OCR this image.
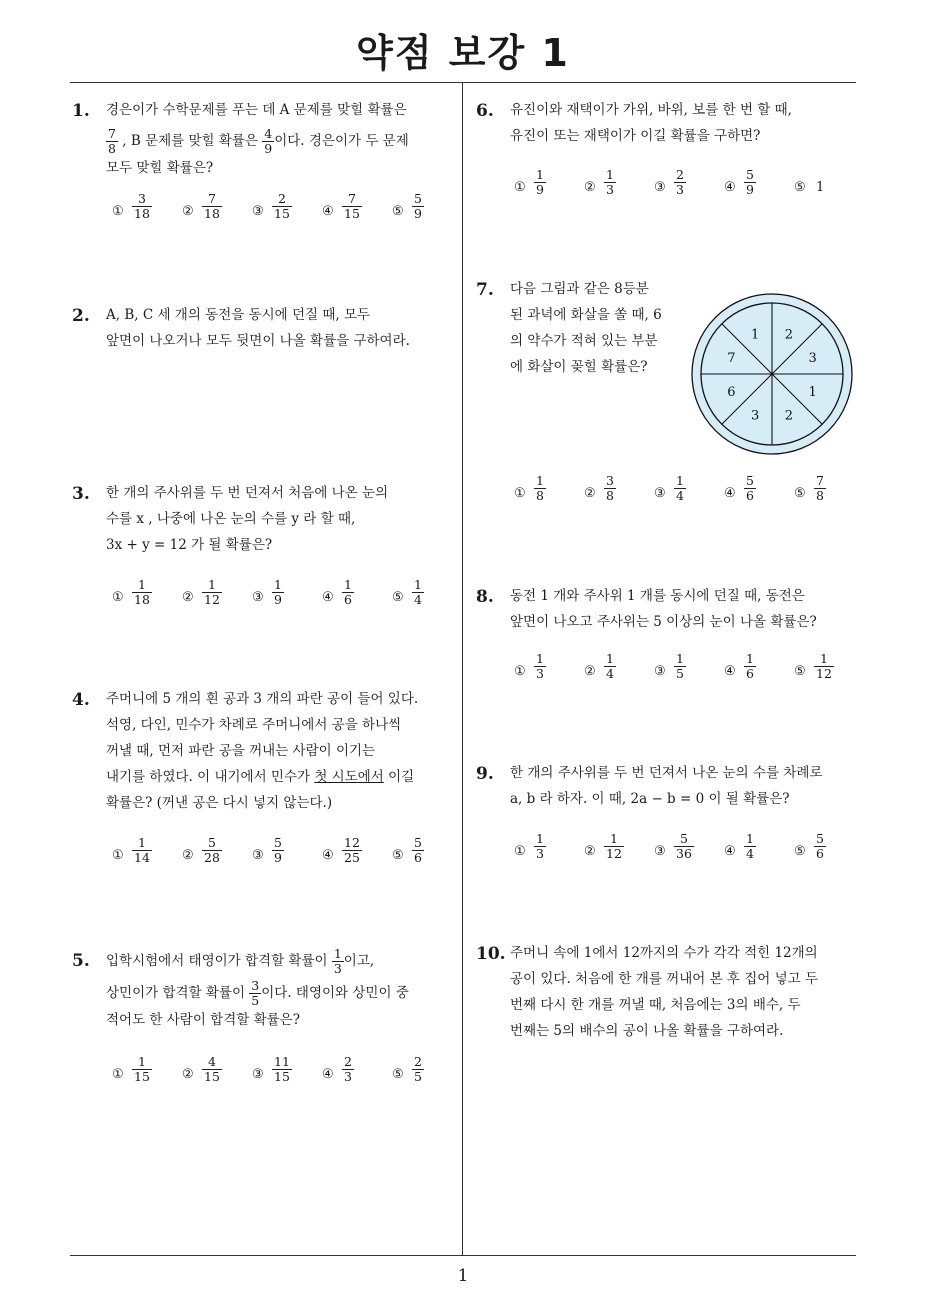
약점 보강 1
1
1. 경은이가 수학문제를 푸는 데 A 문제를 맞힐 확률은
$\frac{7}{8}$ , B 문제를 맞힐 확률은 $\frac{4}{9}$ 이다. 경은이가 두 문제
모두 맞힐 확률은?
① $\frac{3}{18}$ ② $\frac{7}{18}$ ③ $\frac{2}{15}$ ④ $\frac{7}{15}$ ⑤ $\frac{5}{9}$
2. A, B, C 세 개의 동전을 동시에 던질 때, 모두
앞면이 나오거나 모두 뒷면이 나올 확률을 구하여라.
3. 한 개의 주사위를 두 번 던져서 처음에 나온 눈의
수를 x , 나중에 나온 눈의 수를 y 라 할 때,
3x + y = 12 가 될 확률은?
① $\frac{1}{18}$ ② $\frac{1}{12}$ ③ $\frac{1}{9}$	④ $\frac{1}{6}$	⑤ $\frac{1}{4}$
4. 주머니에 5 개의 흰 공과 3 개의 파란 공이 들어 있다.
석영, 다인, 민수가 차례로 주머니에서 공을 하나씩
꺼낼 때, 먼저 파란 공을 꺼내는 사람이 이기는
내기를 하였다. 이 내기에서 민수가 첫 시도에서 이길
확률은? (꺼낸 공은 다시 넣지 않는다.)
① $\frac{1}{14}$ ② $\frac{5}{28}$ ③ $\frac{5}{9}$	④ $\frac{12}{25}$ ⑤ $\frac{5}{6}$
5. 입학시험에서 태영이가 합격할 확률이 $\frac{1}{3}$ 이고,
상민이가 합격할 확률이 $\frac{3}{5}$ 이다. 태영이와 상민이 중
적어도 한 사람이 합격할 확률은?
① $\frac{1}{15}$ ② $\frac{4}{15}$ ③ $\frac{11}{15}$ ④ $\frac{2}{3}$	⑤ $\frac{2}{5}$
6. 유진이와 재택이가 가위, 바위, 보를 한 번 할 때,
유진이 또는 재택이가 이길 확률을 구하면?
① $\frac{1}{9}$	② $\frac{1}{3}$	③ $\frac{2}{3}$	④ $\frac{5}{9}$	⑤ 1
7. 다음 그림과 같은 8등분
된 과녁에 화살을 쏠 때, 6
의 약수가 적혀 있는 부분
에 화살이 꽂힐 확률은?
① $\frac{1}{8}$	② $\frac{3}{8}$	③ $\frac{1}{4}$	④ $\frac{5}{6}$	⑤ $\frac{7}{8}$
8. 동전 1 개와 주사위 1 개를 동시에 던질 때, 동전은
앞면이 나오고 주사위는 5 이상의 눈이 나올 확률은?
① $\frac{1}{3}$	② $\frac{1}{4}$	③ $\frac{1}{5}$	④ $\frac{1}{6}$	⑤ $\frac{1}{12}$
9. 한 개의 주사위를 두 번 던져서 나온 눈의 수를 차례로
a, b 라 하자. 이 때, 2a − b = 0 이 될 확률은?
① $\frac{1}{3}$	② $\frac{1}{12}$ ③ $\frac{5}{36}$ ④ $\frac{1}{4}$	⑤ $\frac{5}{6}$
10. 주머니 속에 1에서 12까지의 수가 각각 적힌 12개의
공이 있다. 처음에 한 개를 꺼내어 본 후 집어 넣고 두
번째 다시 한 개를 꺼낼 때, 처음에는 3의 배수, 두
번째는 5의 배수의 공이 나올 확률을 구하여라.
2
3
1
2
3
6
7
1
